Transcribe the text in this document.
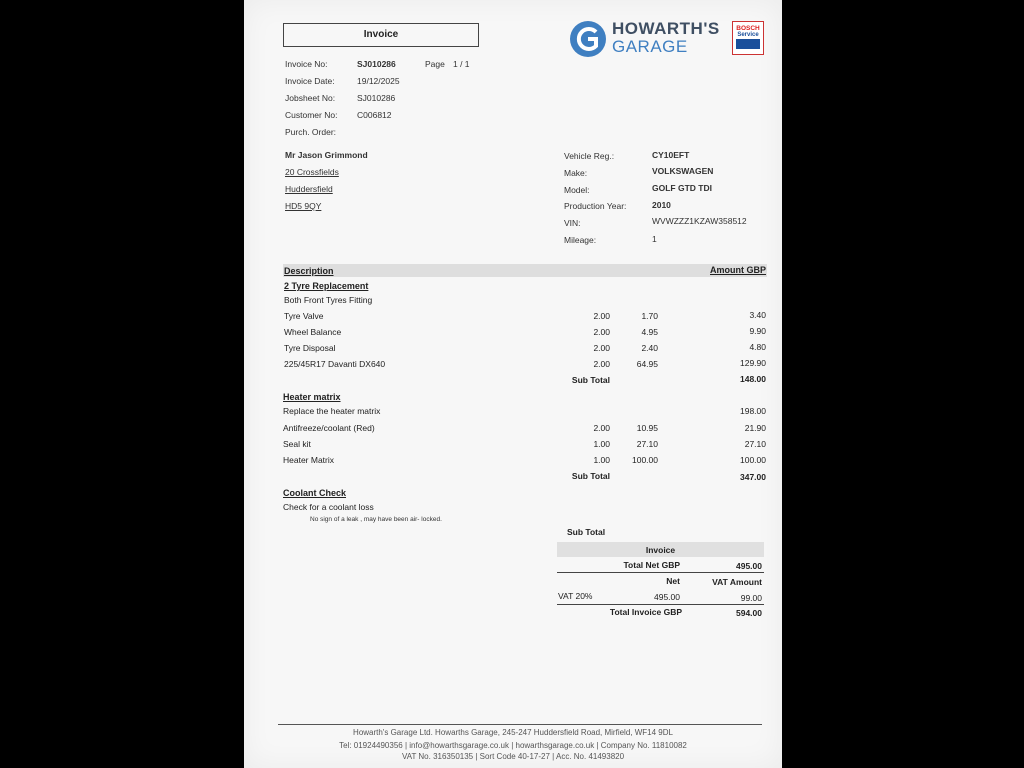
Invoice	HOWARTH'S
GARAGE
BOSCH
Service
Invoice No:	SJ010286	Page 1 / 1
Invoice Date:	19/12/2025
Jobsheet No:	SJ010286
Customer No: C006812
Purch. Order:
Mr Jason Grimmond
20 Crossfields
Huddersfield
HD5 9QY
Vehicle Reg.:	CY10EFT
Make:	VOLKSWAGEN
Model:	GOLF GTD TDI
Production Year:	2010
VIN:	WVWZZZ1KZAW358512
Mileage:	1
Description	Amount GBP
2 Tyre Replacement
Both Front Tyres Fitting
Tyre Valve	2.00	1.70	3.40
Wheel Balance	2.00	4.95	9.90
Tyre Disposal	2.00	2.40	4.80
225/45R17 Davanti DX640	2.00	64.95	129.90
Sub Total	148.00
Heater matrix
Replace the heater matrix	198.00
Antifreeze/coolant (Red)	2.00	10.95	21.90
Seal kit	1.00	27.10	27.10
Heater Matrix	1.00	100.00	100.00
Sub Total	347.00
Coolant Check
Check for a coolant loss
No sign of a leak , may have been air- locked.
Sub Total
Invoice
Total Net GBP	495.00
Net	VAT Amount
VAT 20%	495.00	99.00
Total Invoice GBP	594.00
Howarth's Garage Ltd. Howarths Garage, 245-247 Huddersfield Road, Mirfield, WF14 9DL
Tel: 01924490356 | info@howarthsgarage.co.uk | howarthsgarage.co.uk | Company No. 11810082
VAT No. 316350135 | Sort Code 40-17-27 | Acc. No. 41493820
